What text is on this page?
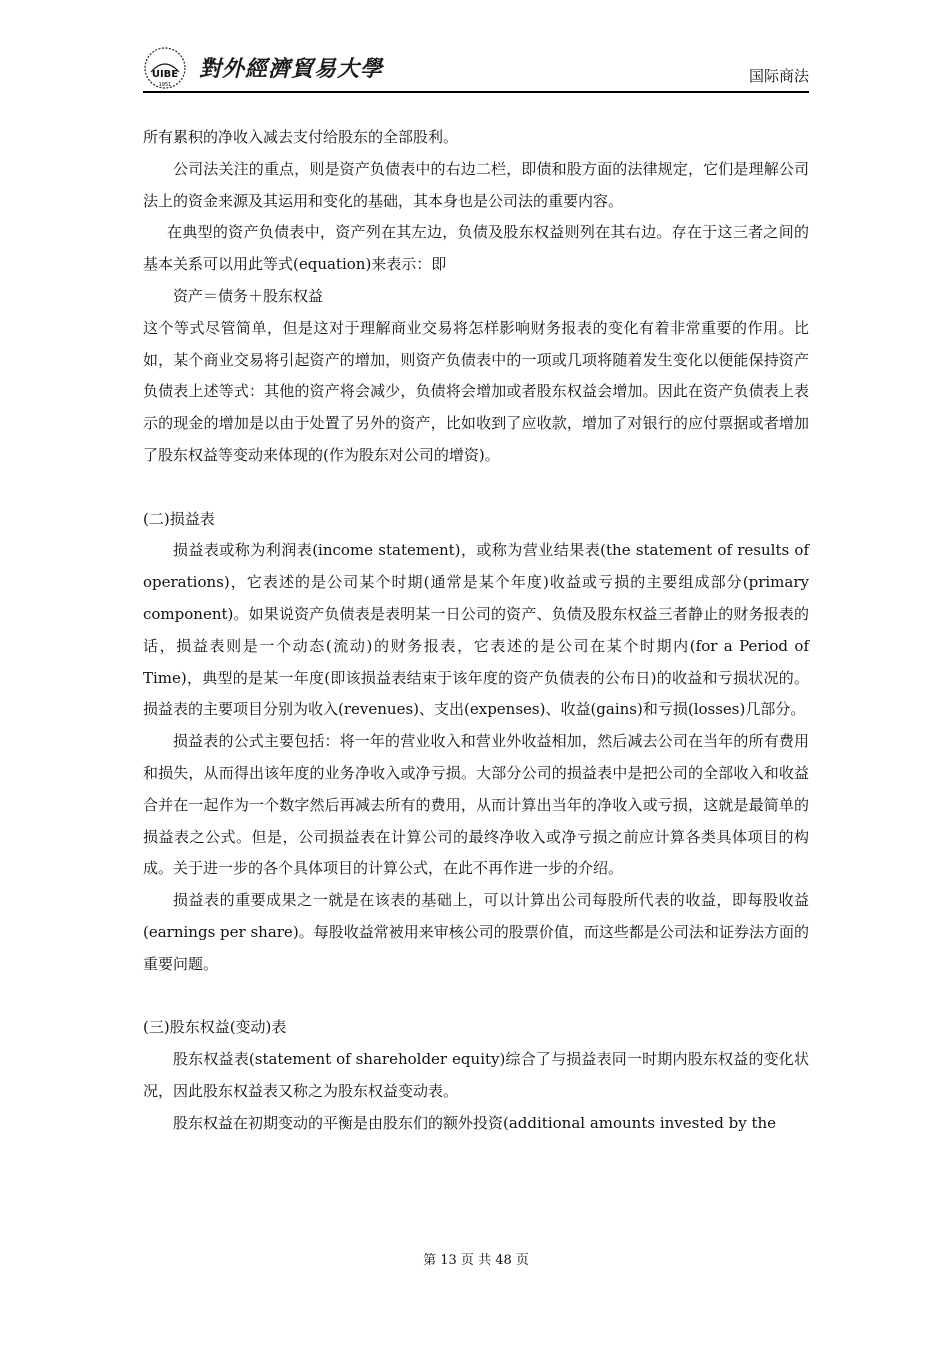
UIBE
1951
對外經濟貿易大學	国际商法

所有累积的净收入减去支付给股东的全部股利。

公司法关注的重点，则是资产负债表中的右边二栏，即债和股方面的法律规定，它们是理解公司法上的资金来源及其运用和变化的基础，其本身也是公司法的重要内容。

在典型的资产负债表中，资产列在其左边，负债及股东权益则列在其右边。存在于这三者之间的基本关系可以用此等式(equation)来表示：即

资产＝债务＋股东权益

这个等式尽管简单，但是这对于理解商业交易将怎样影响财务报表的变化有着非常重要的作用。比如，某个商业交易将引起资产的增加，则资产负债表中的一项或几项将随着发生变化以便能保持资产负债表上述等式：其他的资产将会减少，负债将会增加或者股东权益会增加。因此在资产负债表上表示的现金的增加是以由于处置了另外的资产，比如收到了应收款，增加了对银行的应付票据或者增加了股东权益等变动来体现的(作为股东对公司的增资)。

(二)损益表

损益表或称为利润表(income statement)，或称为营业结果表(the statement of results of operations)，它表述的是公司某个时期(通常是某个年度)收益或亏损的主要组成部分(primary component)。如果说资产负债表是表明某一日公司的资产、负债及股东权益三者静止的财务报表的话，损益表则是一个动态(流动)的财务报表，它表述的是公司在某个时期内(for a Period of Time)，典型的是某一年度(即该损益表结束于该年度的资产负债表的公布日)的收益和亏损状况的。损益表的主要项目分别为收入(revenues)、支出(expenses)、收益(gains)和亏损(losses)几部分。

损益表的公式主要包括：将一年的营业收入和营业外收益相加，然后减去公司在当年的所有费用和损失，从而得出该年度的业务净收入或净亏损。大部分公司的损益表中是把公司的全部收入和收益合并在一起作为一个数字然后再减去所有的费用，从而计算出当年的净收入或亏损，这就是最简单的损益表之公式。但是，公司损益表在计算公司的最终净收入或净亏损之前应计算各类具体项目的构成。关于进一步的各个具体项目的计算公式，在此不再作进一步的介绍。

损益表的重要成果之一就是在该表的基础上，可以计算出公司每股所代表的收益，即每股收益(earnings per share)。每股收益常被用来审核公司的股票价值，而这些都是公司法和证券法方面的重要问题。

(三)股东权益(变动)表

股东权益表(statement of shareholder equity)综合了与损益表同一时期内股东权益的变化状况，因此股东权益表又称之为股东权益变动表。

股东权益在初期变动的平衡是由股东们的额外投资(additional amounts invested by the

第 13 页 共 48 页
